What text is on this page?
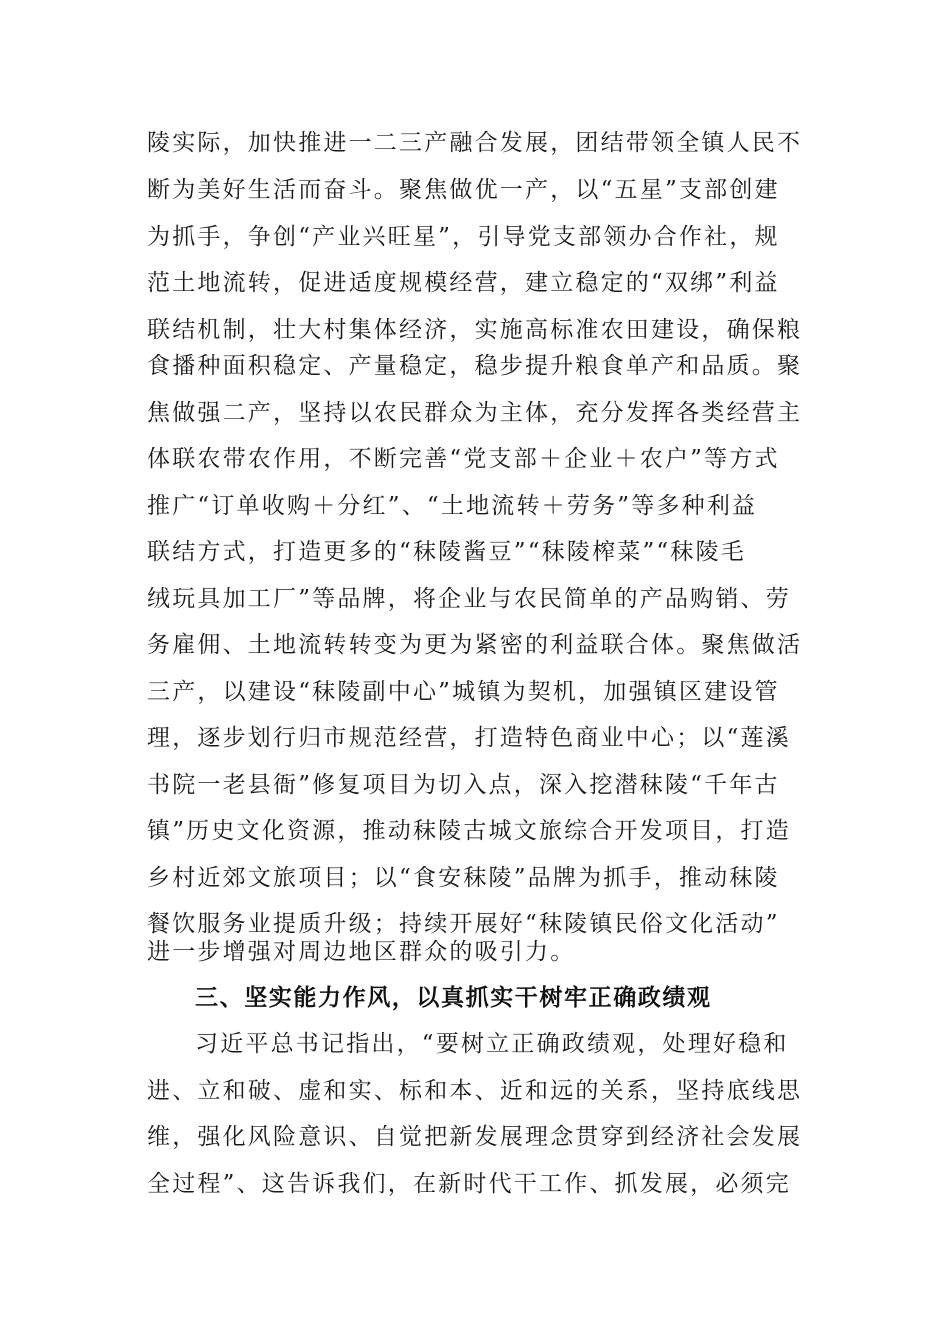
陵实际，加快推进一二三产融合发展，团结带领全镇人民不

断为美好生活而奋斗。聚焦做优一产，以“五星”支部创建

为抓手，争创“产业兴旺星”，引导党支部领办合作社，规

范土地流转，促进适度规模经营，建立稳定的“双绑”利益

联结机制，壮大村集体经济，实施高标准农田建设，确保粮

食播种面积稳定、产量稳定，稳步提升粮食单产和品质。聚

焦做强二产，坚持以农民群众为主体，充分发挥各类经营主

体联农带农作用，不断完善“党支部＋企业＋农户”等方式

推广“订单收购＋分红”、“土地流转＋劳务”等多种利益

联结方式，打造更多的“秣陵酱豆”“秣陵榨菜”“秣陵毛

绒玩具加工厂”等品牌，将企业与农民简单的产品购销、劳

务雇佣、土地流转转变为更为紧密的利益联合体。聚焦做活

三产，以建设“秣陵副中心”城镇为契机，加强镇区建设管

理，逐步划行归市规范经营，打造特色商业中心；以“莲溪

书院一老县衙”修复项目为切入点，深入挖潜秣陵“千年古

镇”历史文化资源，推动秣陵古城文旅综合开发项目，打造

乡村近郊文旅项目；以“食安秣陵”品牌为抓手，推动秣陵

餐饮服务业提质升级；持续开展好“秣陵镇民俗文化活动”

进一步增强对周边地区群众的吸引力。

三、坚实能力作风，以真抓实干树牢正确政绩观

习近平总书记指出，“要树立正确政绩观，处理好稳和

进、立和破、虚和实、标和本、近和远的关系，坚持底线思

维，强化风险意识、自觉把新发展理念贯穿到经济社会发展

全过程”、这告诉我们，在新时代干工作、抓发展，必须完
